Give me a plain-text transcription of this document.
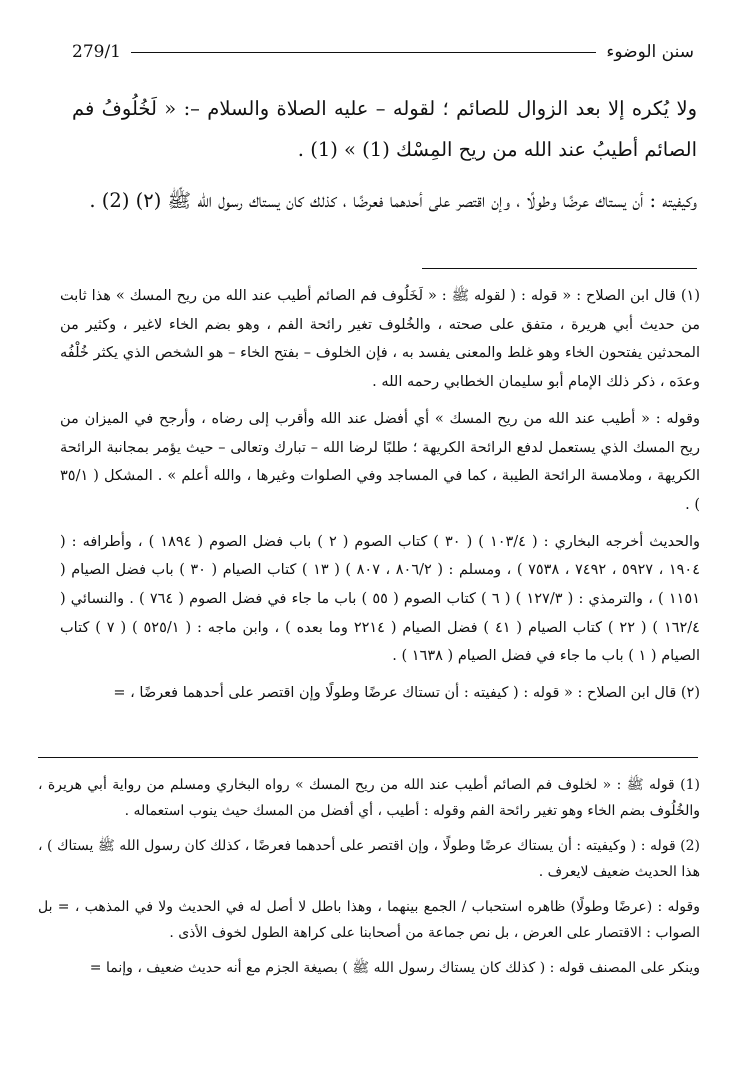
سنن الوضوء
279/1

ولا يُكره إلا بعد الزوال للصائم ؛ لقوله – عليه الصلاة والسلام –: « لَخُلُوفُ فم الصائم أطيبُ عند الله من ريح المِسْك (1) » (1) .

وكيفيته : أن يستاك عرضًا وطولًا ، وإن اقتصر على أحدهما فعرضًا ، كذلك كان يستاك رسول الله ﷺ (٢) (2) .

(١) قال ابن الصلاح : « قوله : ( لقوله ﷺ : « لَخَلُوف فم الصائم أطيب عند الله من ريح المسك » هذا ثابت من حديث أبي هريرة ، متفق على صحته ، والخُلوف تغير رائحة الفم ، وهو بضم الخاء لاغير ، وكثير من المحدثين يفتحون الخاء وهو غلط والمعنى يفسد به ، فإن الخلوف – بفتح الخاء – هو الشخص الذي يكثر خُلْفُه وعدَه ، ذكر ذلك الإمام أبو سليمان الخطابي رحمه الله .

وقوله : « أطيب عند الله من ريح المسك » أي أفضل عند الله وأقرب إلى رضاه ، وأرجح في الميزان من ريح المسك الذي يستعمل لدفع الرائحة الكريهة ؛ طلبًا لرضا الله – تبارك وتعالى – حيث يؤمر بمجانبة الرائحة الكريهة ، وملامسة الرائحة الطيبة ، كما في المساجد وفي الصلوات وغيرها ، والله أعلم » . المشكل ( ٣٥/١ ) .

والحديث أخرجه البخاري : ( ١٠٣/٤ ) ( ٣٠ ) كتاب الصوم ( ٢ ) باب فضل الصوم ( ١٨٩٤ ) ، وأطرافه : ( ١٩٠٤ ، ٥٩٢٧ ، ٧٤٩٢ ، ٧٥٣٨ ) ، ومسلم : ( ٨٠٦/٢ ، ٨٠٧ ) ( ١٣ ) كتاب الصيام ( ٣٠ ) باب فضل الصيام ( ١١٥١ ) ، والترمذي : ( ١٢٧/٣ ) ( ٦ ) كتاب الصوم ( ٥٥ ) باب ما جاء في فضل الصوم ( ٧٦٤ ) . والنسائي ( ١٦٢/٤ ) ( ٢٢ ) كتاب الصيام ( ٤١ ) فضل الصيام ( ٢٢١٤ وما بعده ) ، وابن ماجه : ( ٥٢٥/١ ) ( ٧ ) كتاب الصيام ( ١ ) باب ما جاء في فضل الصيام ( ١٦٣٨ ) .

(٢) قال ابن الصلاح : « قوله : ( كيفيته : أن تستاك عرضًا وطولًا وإن اقتصر على أحدهما فعرضًا ، =

(1) قوله ﷺ : « لخلوف فم الصائم أطيب عند الله من ريح المسك » رواه البخاري ومسلم من رواية أبي هريرة ، والخُلُوف بضم الخاء وهو تغير رائحة الفم وقوله : أطيب ، أي أفضل من المسك حيث ينوب استعماله .

(2) قوله : ( وكيفيته : أن يستاك عرضًا وطولًا ، وإن اقتصر على أحدهما فعرضًا ، كذلك كان رسول الله ﷺ يستاك ) ، هذا الحديث ضعيف لايعرف .

وقوله : (عرضًا وطولًا) ظاهره استحباب / الجمع بينهما ، وهذا باطل لا أصل له في الحديث ولا في المذهب ، = بل الصواب : الاقتصار على العرض ، بل نص جماعة من أصحابنا على كراهة الطول لخوف الأذى .

وينكر على المصنف قوله : ( كذلك كان يستاك رسول الله ﷺ ) بصيغة الجزم مع أنه حديث ضعيف ، وإنما =
